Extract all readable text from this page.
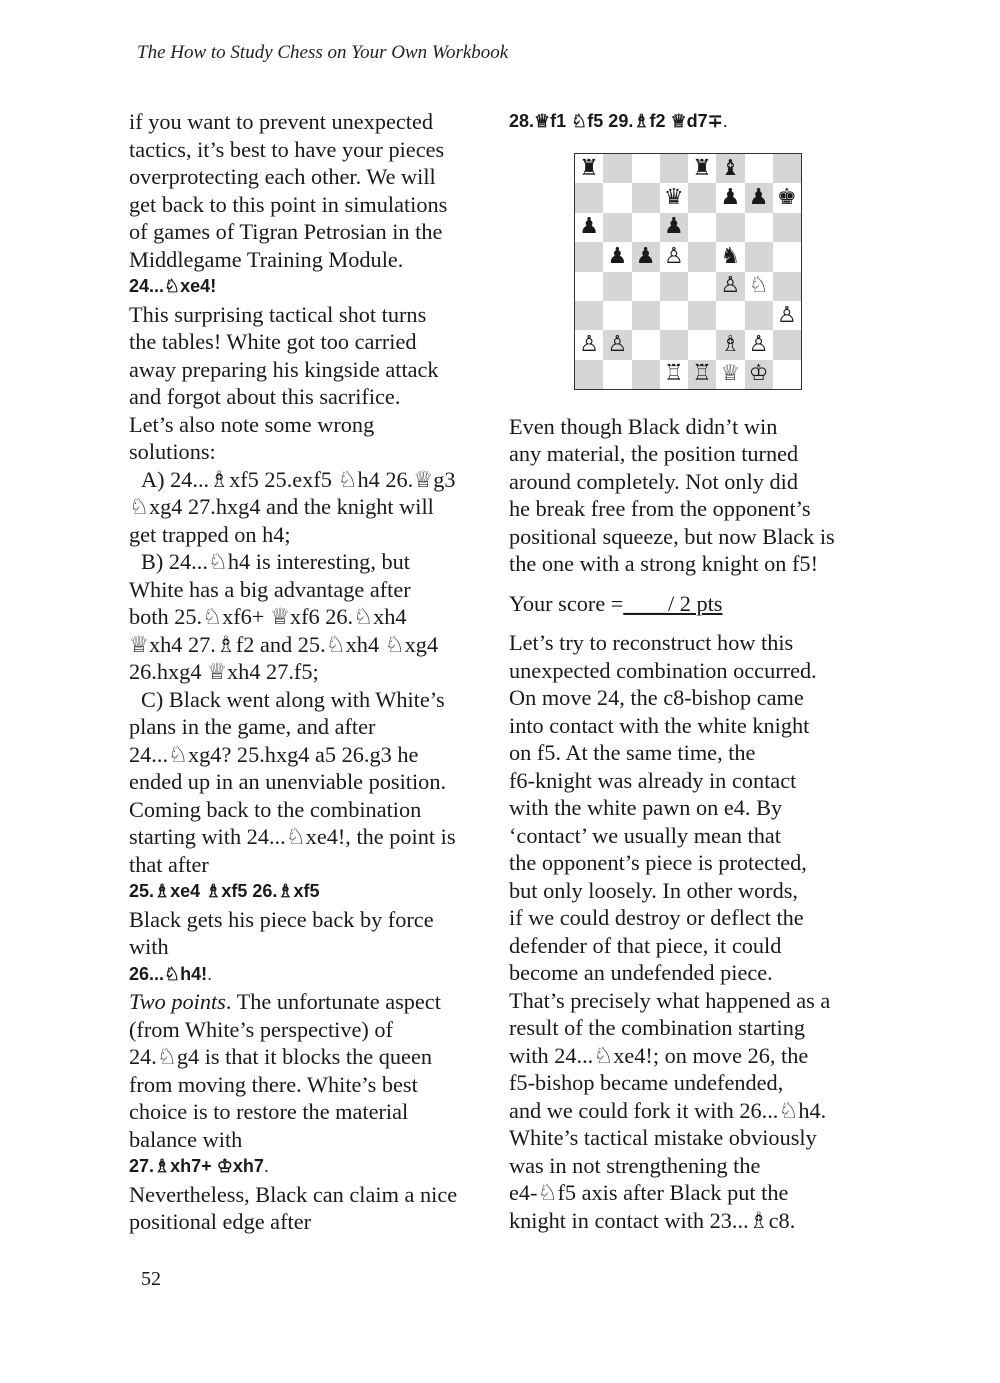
The How to Study Chess on Your Own Workbook

if you want to prevent unexpected

tactics, it’s best to have your pieces

overprotecting each other. We will

get back to this point in simulations

of games of Tigran Petrosian in the

Middlegame Training Module.

24...♘xe4!

This surprising tactical shot turns

the tables! White got too carried

away preparing his kingside attack

and forgot about this sacrifice.

Let’s also note some wrong

solutions:

A) 24...♗xf5 25.exf5 ♘h4 26.♕g3

♘xg4 27.hxg4 and the knight will

get trapped on h4;

B) 24...♘h4 is interesting, but

White has a big advantage after

both 25.♘xf6+ ♕xf6 26.♘xh4

♕xh4 27.♗f2 and 25.♘xh4 ♘xg4

26.hxg4 ♕xh4 27.f5;

C) Black went along with White’s

plans in the game, and after

24...♘xg4? 25.hxg4 a5 26.g3 he

ended up in an unenviable position.

Coming back to the combination

starting with 24...♘xe4!, the point is

that after

25.♗xe4 ♗xf5 26.♗xf5

Black gets his piece back by force

with

26...♘h4!.

Two points. The unfortunate aspect

(from White’s perspective) of

24.♘g4 is that it blocks the queen

from moving there. White’s best

choice is to restore the material

balance with

27.♗xh7+ ♔xh7.

Nevertheless, Black can claim a nice

positional edge after

28.♕f1 ♘f5 29.♗f2 ♕d7∓.

Even though Black didn’t win

any material, the position turned

around completely. Not only did

he break free from the opponent’s

positional squeeze, but now Black is

the one with a strong knight on f5!

Your score =____/ 2 pts

Let’s try to reconstruct how this

unexpected combination occurred.

On move 24, the c8-bishop came

into contact with the white knight

on f5. At the same time, the

f6-knight was already in contact

with the white pawn on e4. By

‘contact’ we usually mean that

the opponent’s piece is protected,

but only loosely. In other words,

if we could destroy or deflect the

defender of that piece, it could

become an undefended piece.

That’s precisely what happened as a

result of the combination starting

with 24...♘xe4!; on move 26, the

f5-bishop became undefended,

and we could fork it with 26...♘h4.

White’s tactical mistake obviously

was in not strengthening the

e4-♘f5 axis after Black put the

knight in contact with 23...♗c8.

♜	♜ ♝
♛ ♟ ♟ ♚
♟	♟
♟ ♟ ♙ ♞
♙ ♘
♙
♙ ♙	♗ ♙
♖ ♖ ♕ ♔
52
